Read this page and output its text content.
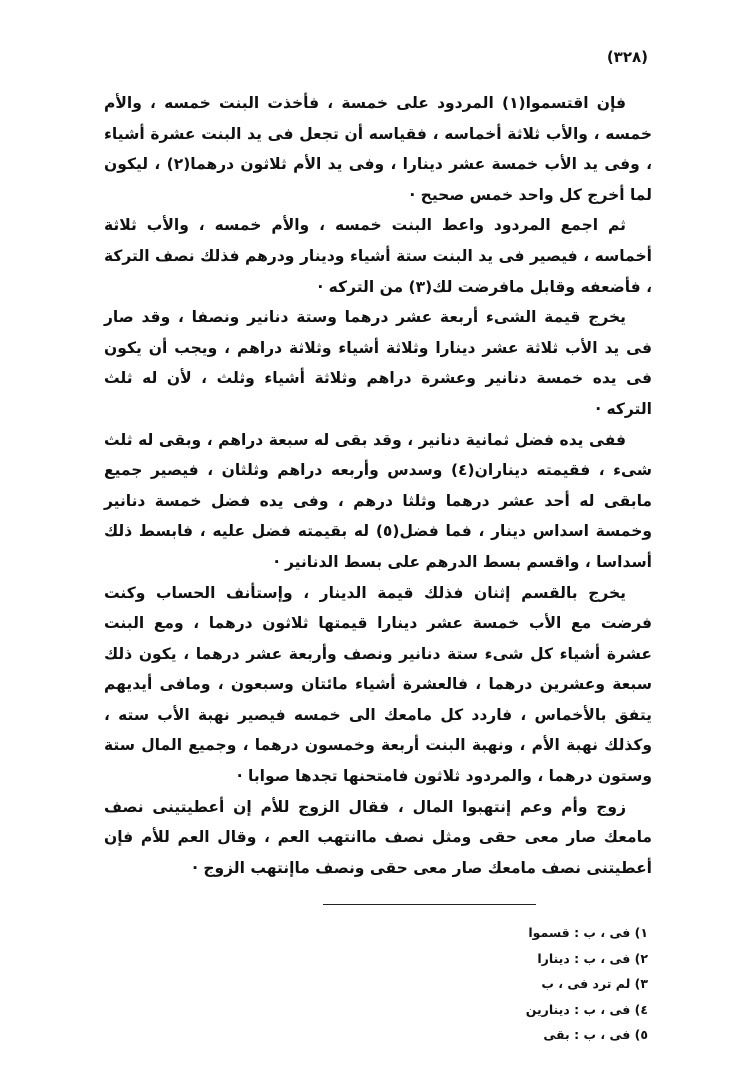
(٣٢٨)

فإن اقتسموا(١) المردود على خمسة ، فأخذت البنت خمسه ، والأم خمسه ، والأب ثلاثة أخماسه ، فقياسه أن تجعل فى يد البنت عشرة أشياء ، وفى يد الأب خمسة عشر دينارا ، وفى يد الأم ثلاثون درهما(٢) ، ليكون لما أخرج كل واحد خمس صحيح ·

ثم اجمع المردود واعط البنت خمسه ، والأم خمسه ، والأب ثلاثة أخماسه ، فيصير فى يد البنت ستة أشياء ودينار ودرهم فذلك نصف التركة ، فأضعفه وقابل مافرضت لك(٣) من التركه ·

يخرج قيمة الشىء أربعة عشر درهما وستة دنانير ونصفا ، وقد صار فى يد الأب ثلاثة عشر دينارا وثلاثة أشياء وثلاثة دراهم ، ويجب أن يكون فى يده خمسة دنانير وعشرة دراهم وثلاثة أشياء وثلث ، لأن له ثلث التركه ·

ففى يده فضل ثمانية دنانير ، وقد بقى له سبعة دراهم ، وبقى له ثلث شىء ، فقيمته ديناران(٤) وسدس وأربعه دراهم وثلثان ، فيصير جميع مابقى له أحد عشر درهما وثلثا درهم ، وفى يده فضل خمسة دنانير وخمسة اسداس دينار ، فما فضل(٥) له بقيمته فضل عليه ، فابسط ذلك أسداسا ، واقسم بسط الدرهم على بسط الدنانير ·

يخرج بالقسم إثنان فذلك قيمة الدينار ، وإستأنف الحساب وكنت فرضت مع الأب خمسة عشر دينارا قيمتها ثلاثون درهما ، ومع البنت عشرة أشياء كل شىء ستة دنانير ونصف وأربعة عشر درهما ، يكون ذلك سبعة وعشرين درهما ، فالعشرة أشياء مائتان وسبعون ، ومافى أيديهم يتفق بالأخماس ، فاردد كل مامعك الى خمسه فيصير نهبة الأب سته ، وكذلك نهبة الأم ، ونهبة البنت أربعة وخمسون درهما ، وجميع المال ستة وستون درهما ، والمردود ثلاثون فامتحنها تجدها صوابا ·

زوج وأم وعم إنتهبوا المال ، فقال الزوج للأم إن أعطيتينى نصف مامعك صار معى حقى ومثل نصف ماانتهب العم ، وقال العم للأم فإن أعطيتنى نصف مامعك صار معى حقى ونصف ماإنتهب الزوج ·

١) فى ، ب : قسموا

٢) فى ، ب : دينارا

٣) لم ترد فى ، ب

٤) فى ، ب : دينارين

٥) فى ، ب : بقى
